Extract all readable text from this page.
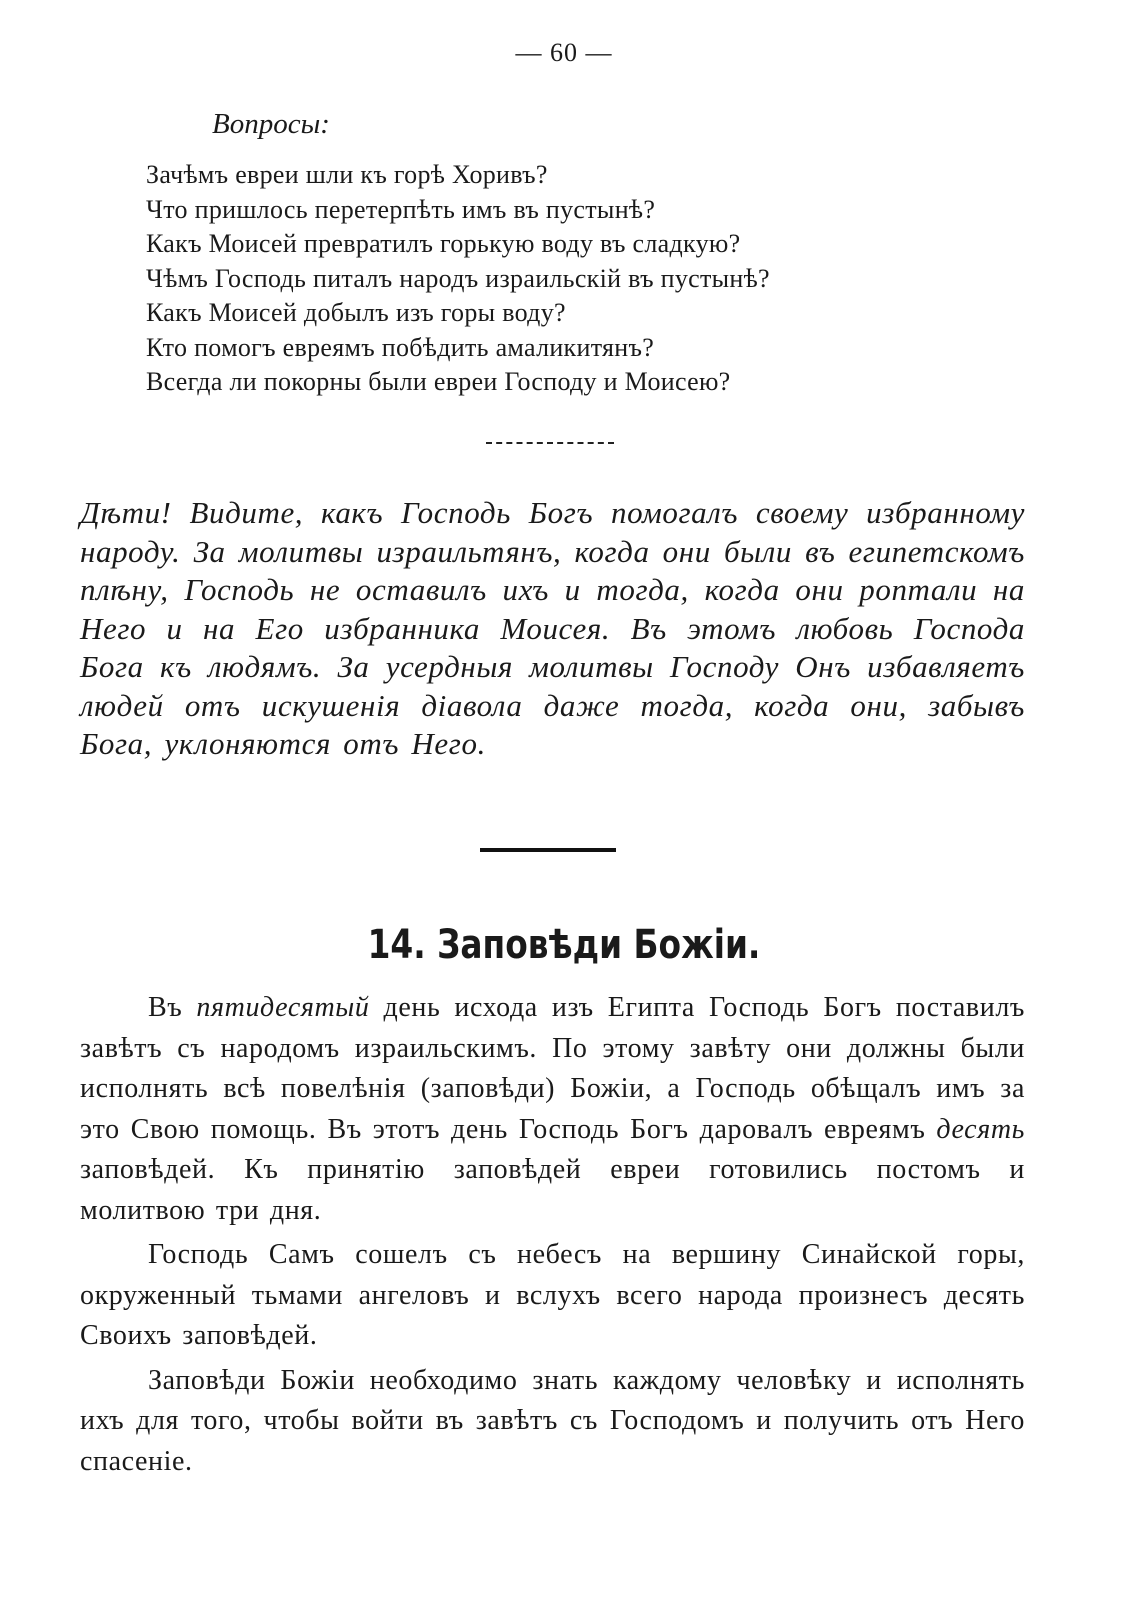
— 60 —
Вопросы:
Зачѣмъ евреи шли къ горѣ Хоривъ?
Что пришлось перетерпѣть имъ въ пустынѣ?
Какъ Моисей превратилъ горькую воду въ сладкую?
Чѣмъ Господь питалъ народъ израильскій въ пустынѣ?
Какъ Моисей добылъ изъ горы воду?
Кто помогъ евреямъ побѣдить амаликитянъ?
Всегда ли покорны были евреи Господу и Моисею?

Дѣти! Видите, какъ Господь Богъ помогалъ своему избранному народу. За молитвы израильтянъ, когда они были въ египетскомъ плѣну, Господь не оставилъ ихъ и тогда, когда они роптали на Него и на Его избранника Моисея. Въ этомъ любовь Господа Бога къ людямъ. За усердныя молитвы Господу Онъ избавляетъ людей отъ искушенія діавола даже тогда, когда они, забывъ Бога, уклоняются отъ Него.

14. Заповѣди Божіи.

Въ пятидесятый день исхода изъ Египта Господь Богъ поставилъ завѣтъ съ народомъ израильскимъ. По этому завѣту они должны были исполнять всѣ повелѣнія (заповѣди) Божіи, а Господь обѣщалъ имъ за это Свою помощь. Въ этотъ день Господь Богъ даровалъ евреямъ десять заповѣдей. Къ принятію заповѣдей евреи готовились постомъ и молитвою три дня.

Господь Самъ сошелъ съ небесъ на вершину Синайской горы, окруженный тьмами ангеловъ и вслухъ всего народа произнесъ десять Своихъ заповѣдей.

Заповѣди Божіи необходимо знать каждому человѣку и исполнять ихъ для того, чтобы войти въ завѣтъ съ Господомъ и получить отъ Него спасеніе.
